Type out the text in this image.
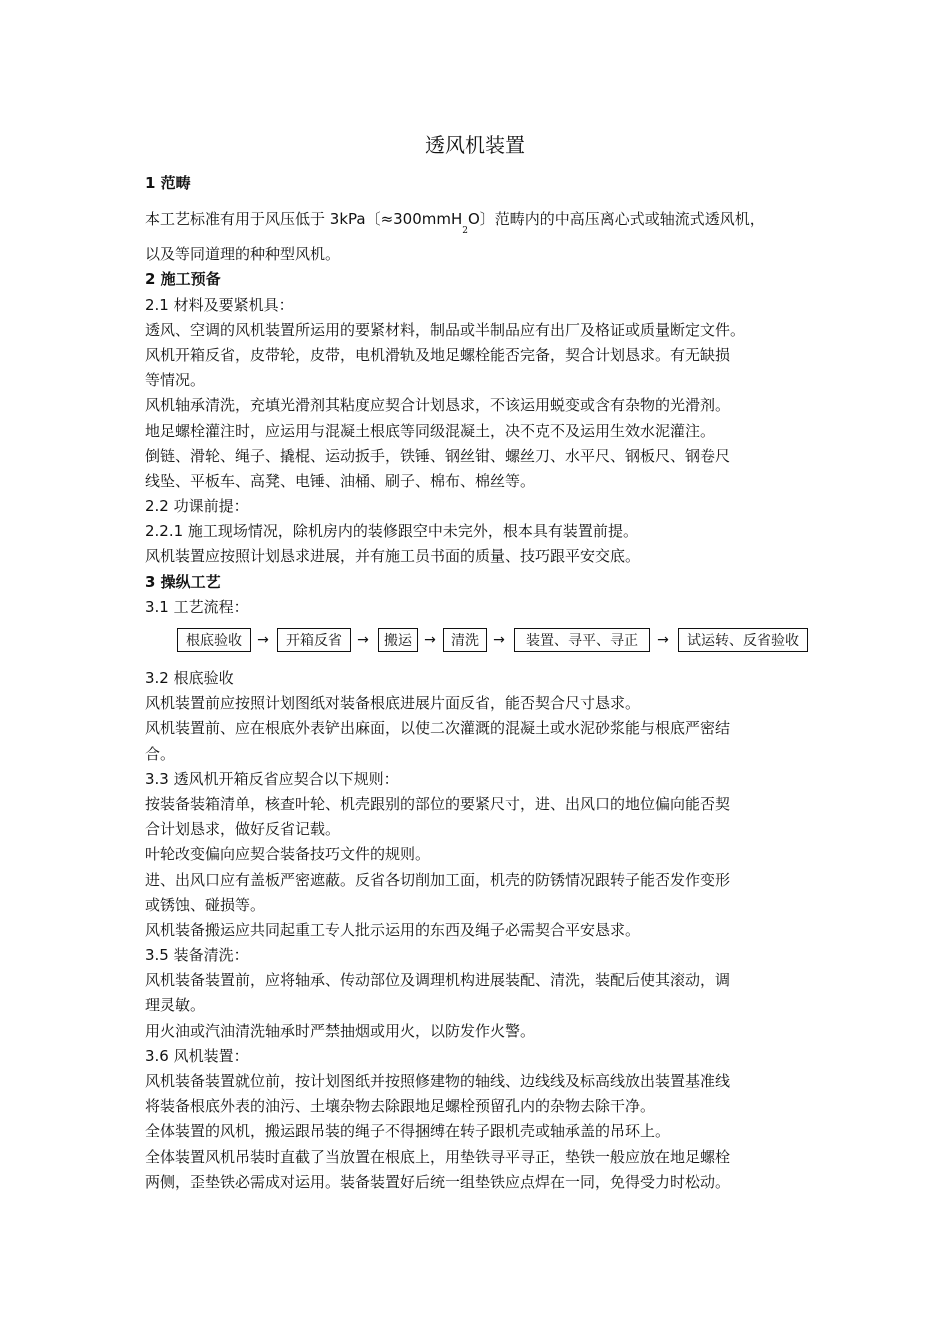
透风机装置
1 范畴
本工艺标准有用于风压低于 3kPa〔≈300mmH$_2$O〕范畴内的中高压离心式或轴流式透风机，
以及等同道理的种种型风机。
2 施工预备
2.1 材料及要紧机具：
透风、空调的风机装置所运用的要紧材料，制品或半制品应有出厂及格证或质量断定文件。
风机开箱反省，皮带轮，皮带，电机滑轨及地足螺栓能否完备，契合计划恳求。有无缺损
等情况。
风机轴承清洗，充填光滑剂其粘度应契合计划恳求，不该运用蜕变或含有杂物的光滑剂。
地足螺栓灌注时，应运用与混凝土根底等同级混凝土，决不克不及运用生效水泥灌注。
倒链、滑轮、绳子、撬棍、运动扳手，铁锤、钢丝钳、螺丝刀、水平尺、钢板尺、钢卷尺
线坠、平板车、高凳、电锤、油桶、刷子、棉布、棉丝等。
2.2 功课前提：
2.2.1 施工现场情况，除机房内的装修跟空中未完外，根本具有装置前提。
风机装置应按照计划恳求进展，并有施工员书面的质量、技巧跟平安交底。
3 操纵工艺
3.1 工艺流程：
根底验收	→	开箱反省	→	搬运 →	清洗	→	装置、寻平、寻正	→	试运转、反省验收
3.2 根底验收
风机装置前应按照计划图纸对装备根底进展片面反省，能否契合尺寸恳求。
风机装置前、应在根底外表铲出麻面，以使二次灌溉的混凝土或水泥砂浆能与根底严密结
合。
3.3 透风机开箱反省应契合以下规则：
按装备装箱清单，核查叶轮、机壳跟别的部位的要紧尺寸，进、出风口的地位偏向能否契
合计划恳求，做好反省记载。
叶轮改变偏向应契合装备技巧文件的规则。
进、出风口应有盖板严密遮蔽。反省各切削加工面，机壳的防锈情况跟转子能否发作变形
或锈蚀、碰损等。
风机装备搬运应共同起重工专人批示运用的东西及绳子必需契合平安恳求。
3.5 装备清洗：
风机装备装置前，应将轴承、传动部位及调理机构进展装配、清洗，装配后使其滚动，调
理灵敏。
用火油或汽油清洗轴承时严禁抽烟或用火，以防发作火警。
3.6 风机装置：
风机装备装置就位前，按计划图纸并按照修建物的轴线、边线线及标高线放出装置基准线
将装备根底外表的油污、土壤杂物去除跟地足螺栓预留孔内的杂物去除干净。
全体装置的风机，搬运跟吊装的绳子不得捆缚在转子跟机壳或轴承盖的吊环上。
全体装置风机吊装时直截了当放置在根底上，用垫铁寻平寻正，垫铁一般应放在地足螺栓
两侧，歪垫铁必需成对运用。装备装置好后统一组垫铁应点焊在一同，免得受力时松动。
